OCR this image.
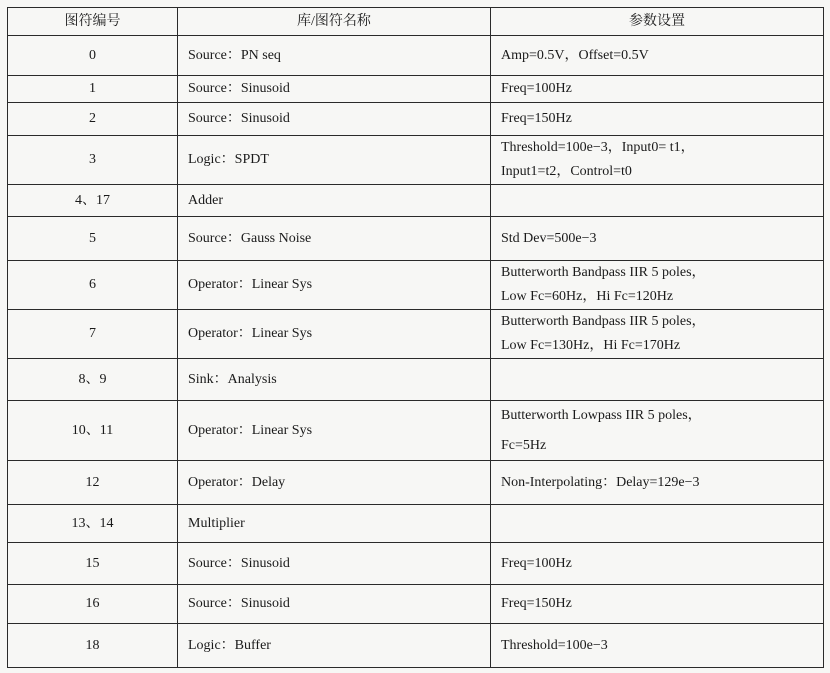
图符编号	库/图符名称	参数设置
0	Source：PN seq	Amp=0.5V，Offset=0.5V

1	Source：Sinusoid	Freq=100Hz

2	Source：Sinusoid	Freq=150Hz

3	Logic：SPDT	Threshold=100e−3，Input0= t1，
Input1=t2，Control=t0

4、17	Adder	
5	Source：Gauss Noise	Std Dev=500e−3

6	Operator：Linear Sys	Butterworth Bandpass IIR 5 poles，
Low Fc=60Hz，Hi Fc=120Hz

7	Operator：Linear Sys	Butterworth Bandpass IIR 5 poles，
Low Fc=130Hz，Hi Fc=170Hz

8、9	Sink：Analysis	
10、11	Operator：Linear Sys	Butterworth Lowpass IIR 5 poles，
Fc=5Hz

12	Operator：Delay	Non-Interpolating：Delay=129e−3

13、14	Multiplier	
15	Source：Sinusoid	Freq=100Hz

16	Source：Sinusoid	Freq=150Hz

18	Logic：Buffer	Threshold=100e−3
